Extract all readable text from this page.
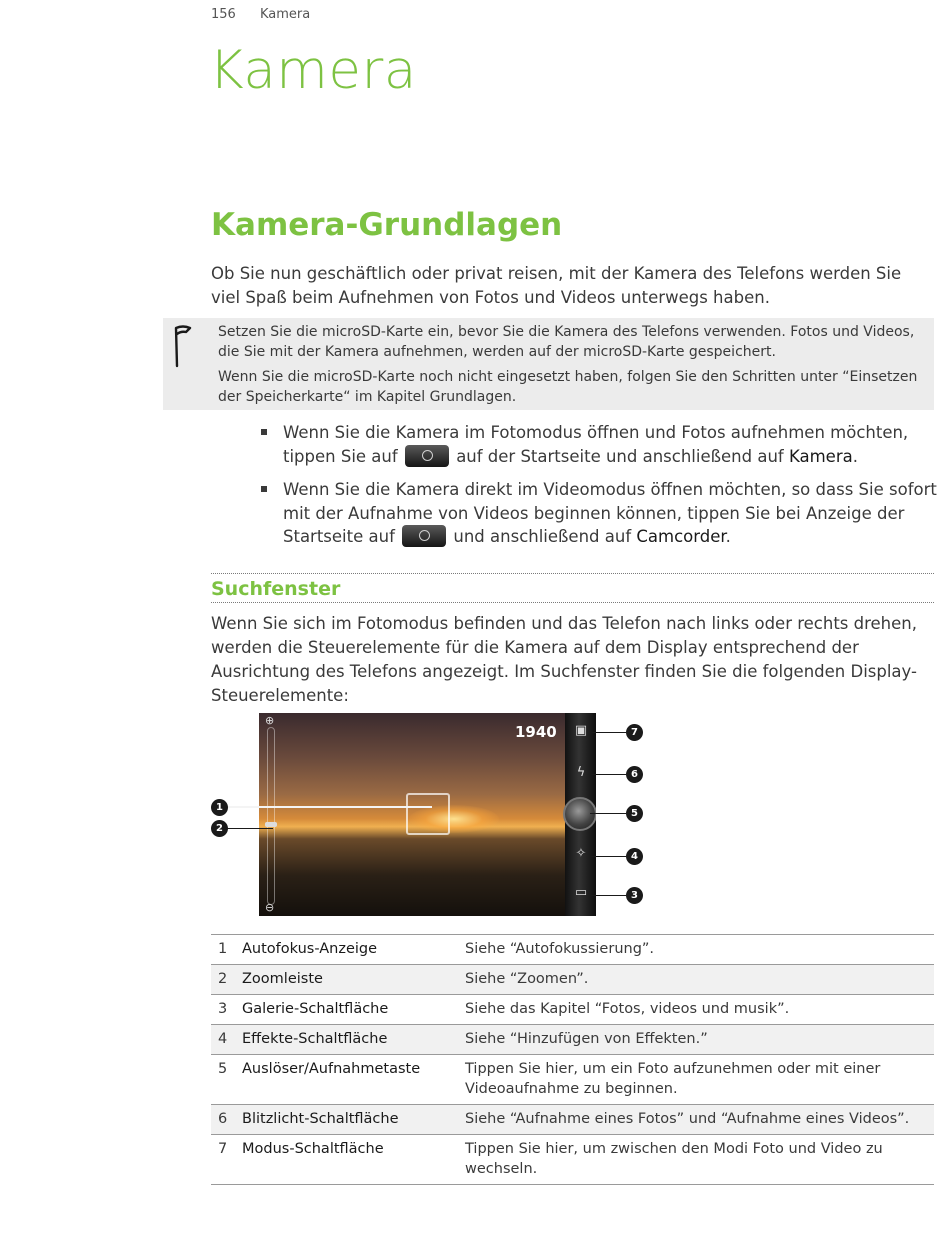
156 Kamera
Kamera
Kamera-Grundlagen

Ob Sie nun geschäftlich oder privat reisen, mit der Kamera des Telefons werden Sie viel Spaß beim Aufnehmen von Fotos und Videos unterwegs haben.

Setzen Sie die microSD-Karte ein, bevor Sie die Kamera des Telefons verwenden. Fotos und Videos, die Sie mit der Kamera aufnehmen, werden auf der microSD-Karte gespeichert.

Wenn Sie die microSD-Karte noch nicht eingesetzt haben, folgen Sie den Schritten unter “Einsetzen der Speicherkarte“ im Kapitel Grundlagen.

Wenn Sie die Kamera im Fotomodus öffnen und Fotos aufnehmen möchten, tippen Sie auf	auf der Startseite und anschließend auf Kamera.
Wenn Sie die Kamera direkt im Videomodus öffnen möchten, so dass Sie sofort mit der Aufnahme von Videos beginnen können, tippen Sie bei Anzeige der Startseite auf	und anschließend auf Camcorder.
Suchfenster

Wenn Sie sich im Fotomodus befinden und das Telefon nach links oder rechts drehen, werden die Steuerelemente für die Kamera auf dem Display entsprechend der Ausrichtung des Telefons angezeigt. Im Suchfenster finden Sie die folgenden Display-Steuerelemente:

⊕
⊖
1940 ▣
ϟ
✧
▭
1
2
7
6
5
4
3
1	Autofokus-Anzeige	Siehe “Autofokussierung”.
2	Zoomleiste	Siehe “Zoomen”.
3	Galerie-Schaltfläche	Siehe das Kapitel “Fotos, videos und musik”.
4	Effekte-Schaltfläche	Siehe “Hinzufügen von Effekten.”
5	Auslöser/Aufnahmetaste	Tippen Sie hier, um ein Foto aufzunehmen oder mit einer Videoaufnahme zu beginnen.
6	Blitzlicht-Schaltfläche	Siehe “Aufnahme eines Fotos” und “Aufnahme eines Videos”.
7	Modus-Schaltfläche	Tippen Sie hier, um zwischen den Modi Foto und Video zu wechseln.
